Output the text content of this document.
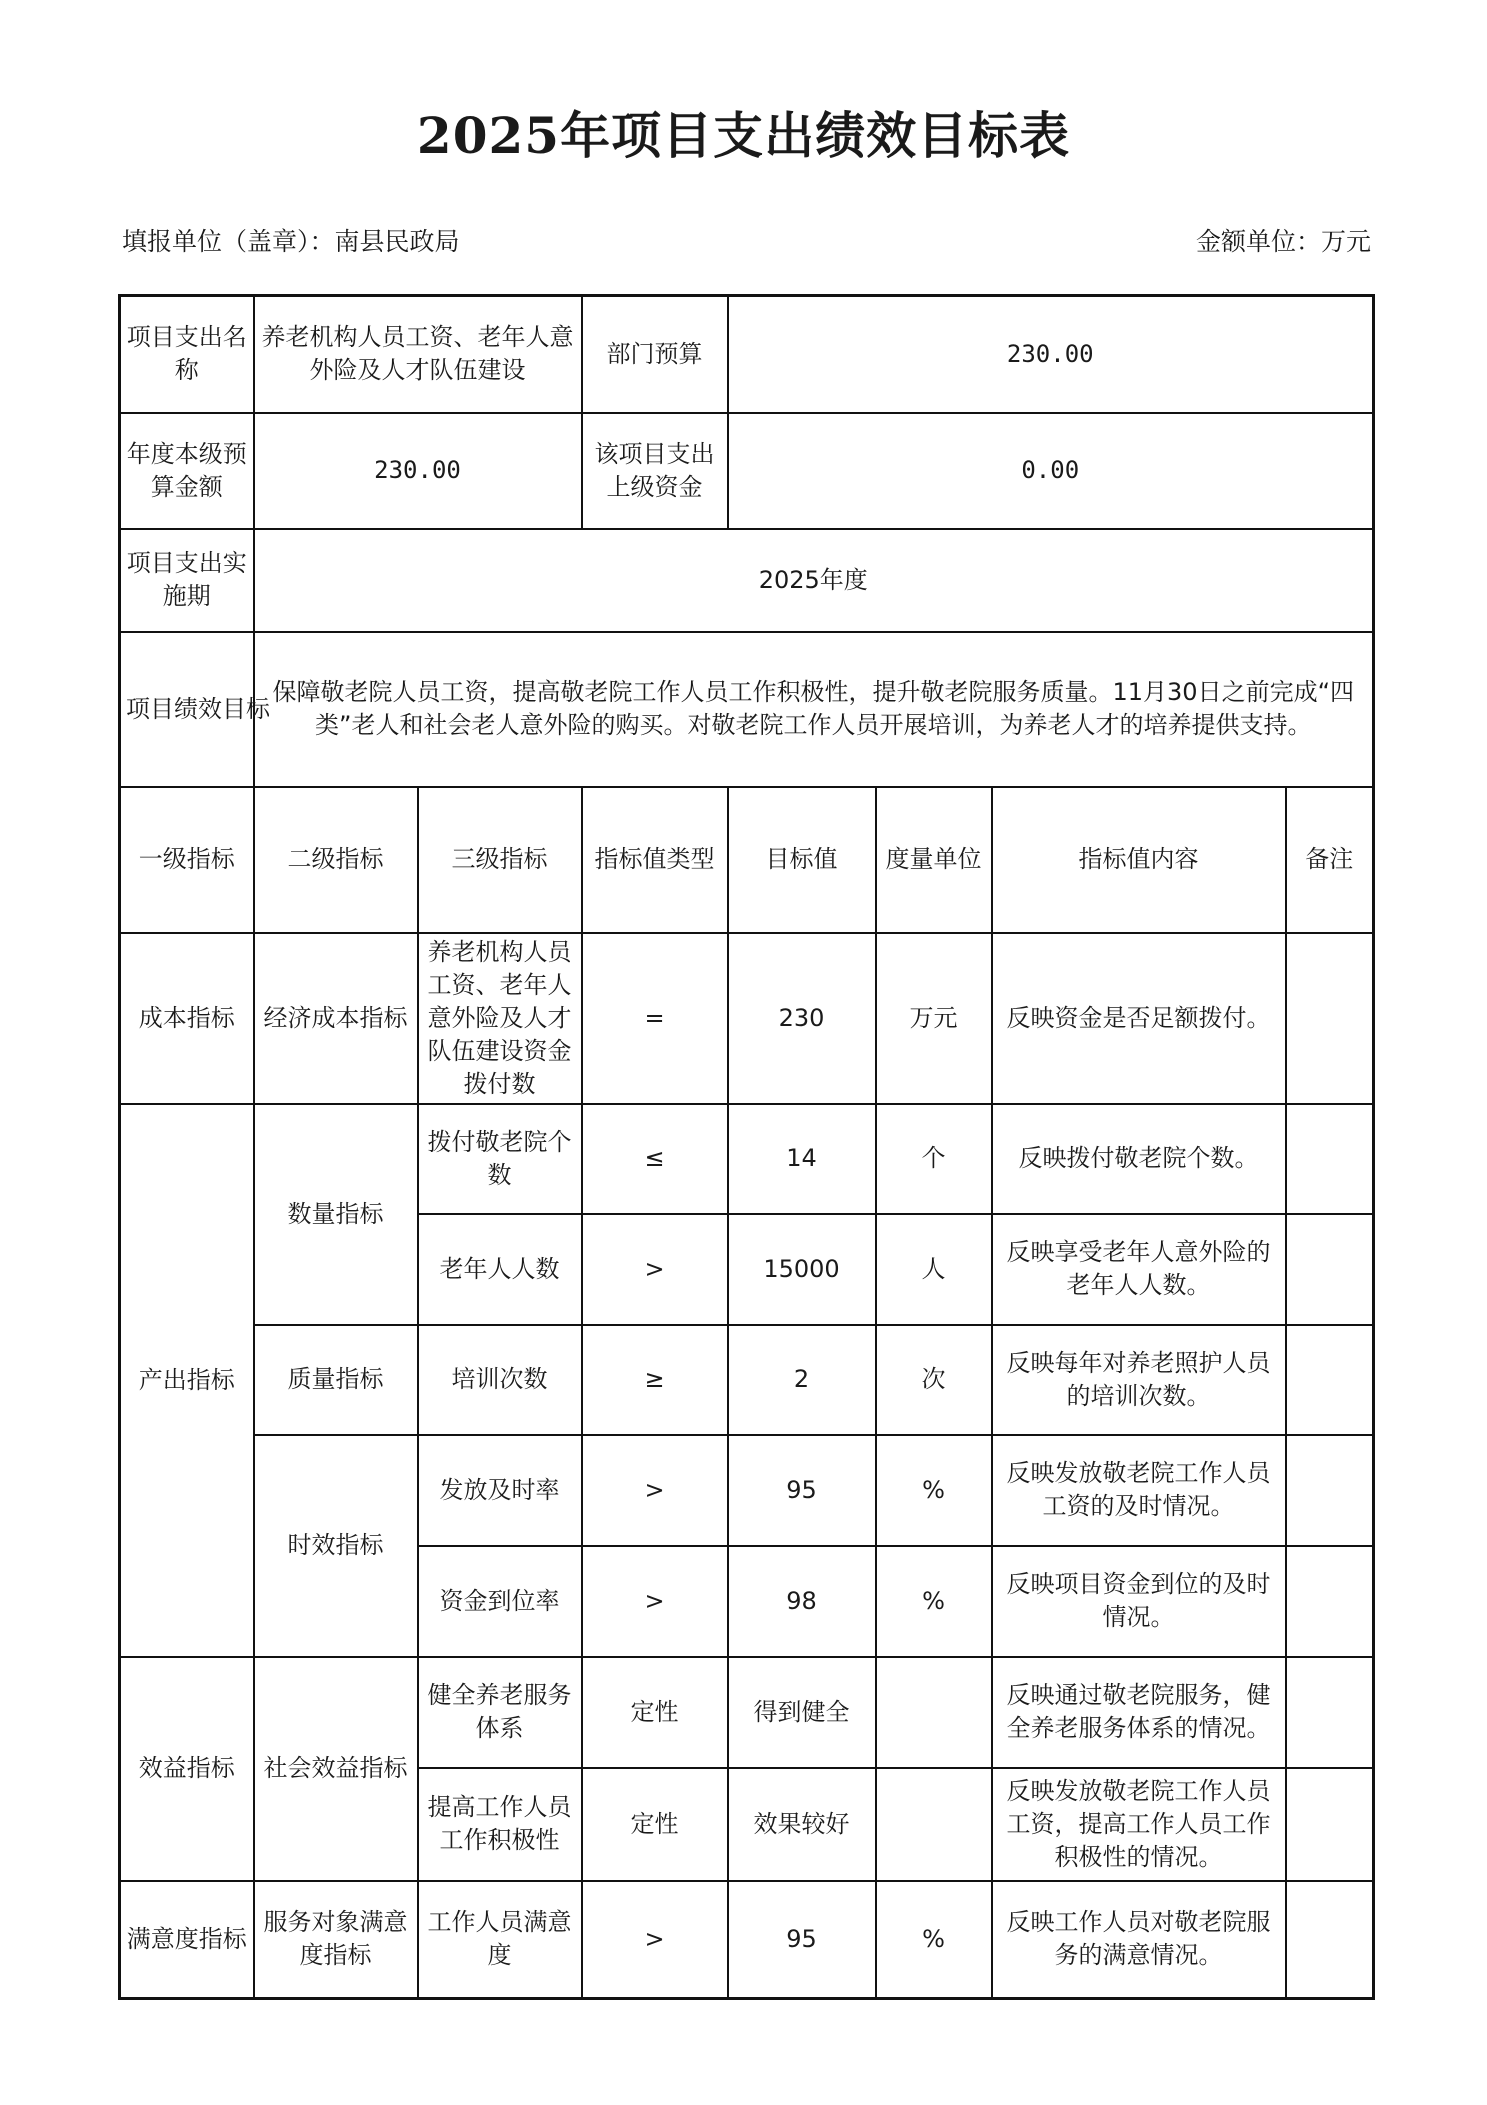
2025年项目支出绩效目标表
填报单位（盖章）：南县民政局	金额单位：万元
项目支出名称	养老机构人员工资、老年人意外险及人才队伍建设		部门预算	230.00			
年度本级预算金额	230.00		该项目支出上级资金	0.00			
项目支出实施期	2025年度						
项目绩效目标	保障敬老院人员工资，提高敬老院工作人员工作积极性，提升敬老院服务质量。11月30日之前完成“四类”老人和社会老人意外险的购买。对敬老院工作人员开展培训，为养老人才的培养提供支持。						
一级指标	二级指标	三级指标	指标值类型	目标值	度量单位	指标值内容	备注
成本指标	经济成本指标	养老机构人员工资、老年人意外险及人才队伍建设资金拨付数	=	230	万元	反映资金是否足额拨付。	
产出指标	数量指标	拨付敬老院个数	≤	14	个	反映拨付敬老院个数。	
		老年人人数	>	15000	人	反映享受老年人意外险的老年人人数。	
	质量指标	培训次数	≥	2	次	反映每年对养老照护人员的培训次数。	
	时效指标	发放及时率	>	95	%	反映发放敬老院工作人员工资的及时情况。	
		资金到位率	>	98	%	反映项目资金到位的及时情况。	
效益指标	社会效益指标	健全养老服务体系	定性	得到健全		反映通过敬老院服务，健全养老服务体系的情况。	
		提高工作人员工作积极性	定性	效果较好		反映发放敬老院工作人员工资，提高工作人员工作积极性的情况。	
满意度指标	服务对象满意度指标	工作人员满意度	>	95	%	反映工作人员对敬老院服务的满意情况。	
